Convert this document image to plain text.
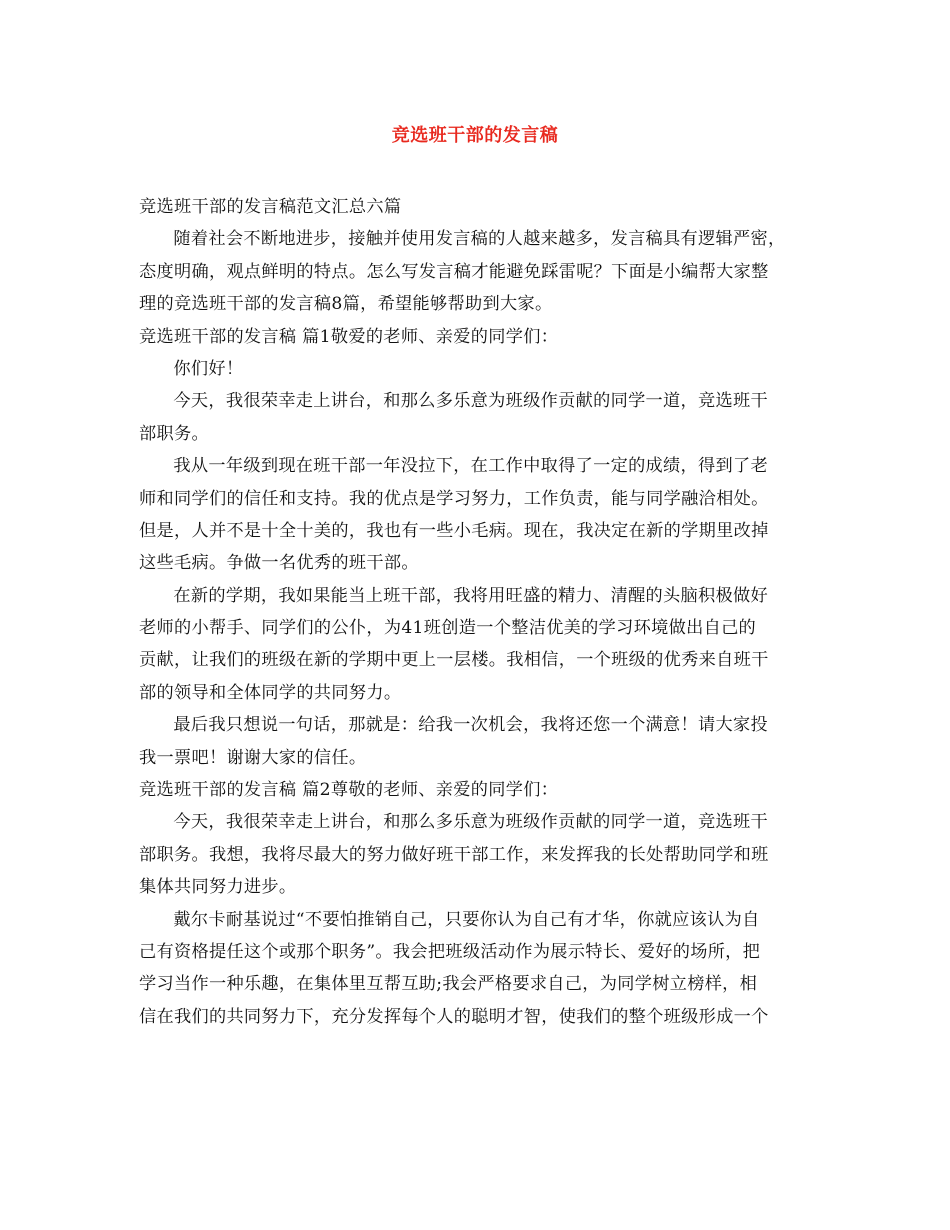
竞选班干部的发言稿
竞选班干部的发言稿范文汇总六篇
随着社会不断地进步，接触并使用发言稿的人越来越多，发言稿具有逻辑严密，
态度明确，观点鲜明的特点。怎么写发言稿才能避免踩雷呢？下面是小编帮大家整
理的竞选班干部的发言稿8篇，希望能够帮助到大家。
竞选班干部的发言稿 篇1敬爱的老师、亲爱的同学们：
你们好！
今天，我很荣幸走上讲台，和那么多乐意为班级作贡献的同学一道，竞选班干
部职务。
我从一年级到现在班干部一年没拉下，在工作中取得了一定的成绩，得到了老
师和同学们的信任和支持。我的优点是学习努力，工作负责，能与同学融洽相处。
但是，人并不是十全十美的，我也有一些小毛病。现在，我决定在新的学期里改掉
这些毛病。争做一名优秀的班干部。
在新的学期，我如果能当上班干部，我将用旺盛的精力、清醒的头脑积极做好
老师的小帮手、同学们的公仆，为41班创造一个整洁优美的学习环境做出自己的
贡献，让我们的班级在新的学期中更上一层楼。我相信，一个班级的优秀来自班干
部的领导和全体同学的共同努力。
最后我只想说一句话，那就是：给我一次机会，我将还您一个满意！请大家投
我一票吧！谢谢大家的信任。
竞选班干部的发言稿 篇2尊敬的老师、亲爱的同学们：
今天，我很荣幸走上讲台，和那么多乐意为班级作贡献的同学一道，竞选班干
部职务。我想，我将尽最大的努力做好班干部工作，来发挥我的长处帮助同学和班
集体共同努力进步。
戴尔卡耐基说过“不要怕推销自己，只要你认为自己有才华，你就应该认为自
己有资格提任这个或那个职务”。我会把班级活动作为展示特长、爱好的场所，把
学习当作一种乐趣，在集体里互帮互助;我会严格要求自己，为同学树立榜样，相
信在我们的共同努力下，充分发挥每个人的聪明才智，使我们的整个班级形成一个
